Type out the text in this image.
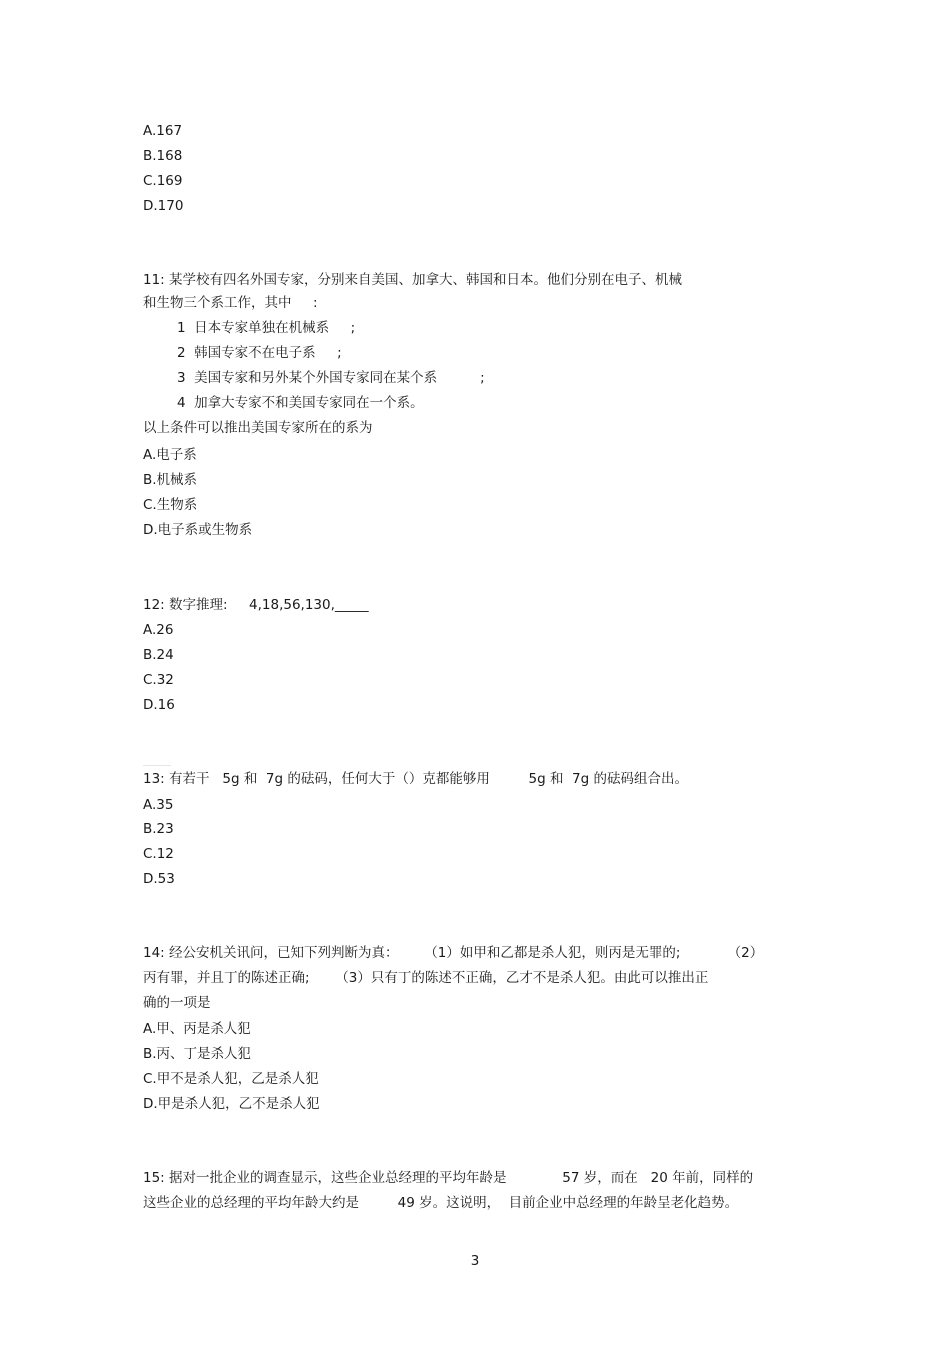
A.167
B.168
C.169
D.170
11: 某学校有四名外国专家，分别来自美国、加拿大、韩国和日本。他们分别在电子、机械
和生物三个系工作，其中     :
1  日本专家单独在机械系     ;
2  韩国专家不在电子系     ;
3  美国专家和另外某个外国专家同在某个系          ;
4  加拿大专家不和美国专家同在一个系。
以上条件可以推出美国专家所在的系为
A.电子系
B.机械系
C.生物系
D.电子系或生物系
12: 数字推理:     4,18,56,130,_____
A.26
B.24
C.32
D.16
13: 有若干   5g 和  7g 的砝码，任何大于（）克都能够用         5g 和  7g 的砝码组合出。
A.35
B.23
C.12
D.53
14: 经公安机关讯问，已知下列判断为真：      （1）如甲和乙都是杀人犯，则丙是无罪的;           （2）
丙有罪，并且丁的陈述正确;      （3）只有丁的陈述不正确，乙才不是杀人犯。由此可以推出正
确的一项是
A.甲、丙是杀人犯
B.丙、丁是杀人犯
C.甲不是杀人犯，乙是杀人犯
D.甲是杀人犯，乙不是杀人犯
15: 据对一批企业的调查显示，这些企业总经理的平均年龄是             57 岁，而在   20 年前，同样的
这些企业的总经理的平均年龄大约是         49 岁。这说明，  目前企业中总经理的年龄呈老化趋势。
3
